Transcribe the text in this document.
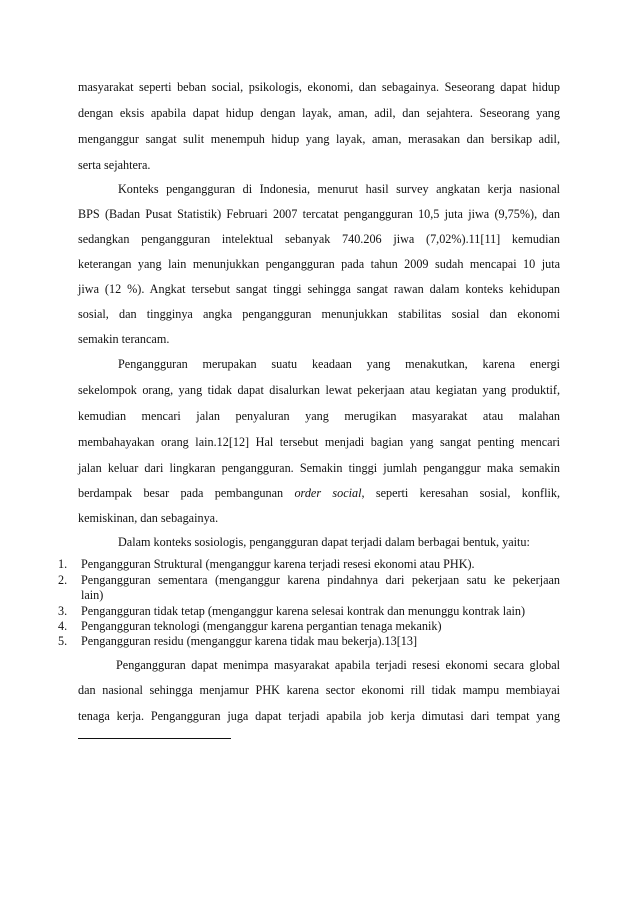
masyarakat seperti beban social, psikologis, ekonomi, dan sebagainya. Seseorang dapat hidup
dengan eksis apabila dapat hidup dengan layak, aman, adil, dan sejahtera. Seseorang yang
menganggur sangat sulit menempuh hidup yang layak, aman, merasakan dan bersikap adil,
serta sejahtera.
Konteks pengangguran di Indonesia, menurut hasil survey angkatan kerja nasional
BPS (Badan Pusat Statistik) Februari 2007 tercatat pengangguran 10,5 juta jiwa (9,75%), dan
sedangkan pengangguran intelektual sebanyak 740.206 jiwa (7,02%).11[11] kemudian
keterangan yang lain menunjukkan pengangguran pada tahun 2009 sudah mencapai 10 juta
jiwa (12 %). Angkat tersebut sangat tinggi sehingga sangat rawan dalam konteks kehidupan
sosial, dan tingginya angka pengangguran menunjukkan stabilitas sosial dan ekonomi
semakin terancam.
Pengangguran merupakan suatu keadaan yang menakutkan, karena energi
sekelompok orang, yang tidak dapat disalurkan lewat pekerjaan atau kegiatan yang produktif,
kemudian mencari jalan penyaluran yang merugikan masyarakat atau malahan
membahayakan orang lain.12[12] Hal tersebut menjadi bagian yang sangat penting mencari
jalan keluar dari lingkaran pengangguran. Semakin tinggi jumlah penganggur maka semakin
berdampak besar pada pembangunan order social, seperti keresahan sosial, konflik,
kemiskinan, dan sebagainya.
Dalam konteks sosiologis, pengangguran dapat terjadi dalam berbagai bentuk, yaitu:
1. Pengangguran Struktural (menganggur karena terjadi resesi ekonomi atau PHK).
2. Pengangguran sementara (menganggur karena pindahnya dari pekerjaan satu ke pekerjaan
lain)
3. Pengangguran tidak tetap (menganggur karena selesai kontrak dan menunggu kontrak lain)
4. Pengangguran teknologi (menganggur karena pergantian tenaga mekanik)
5. Pengangguran residu (menganggur karena tidak mau bekerja).13[13]
Pengangguran dapat menimpa masyarakat apabila terjadi resesi ekonomi secara global
dan nasional sehingga menjamur PHK karena sector ekonomi rill tidak mampu membiayai
tenaga kerja. Pengangguran juga dapat terjadi apabila job kerja dimutasi dari tempat yang
